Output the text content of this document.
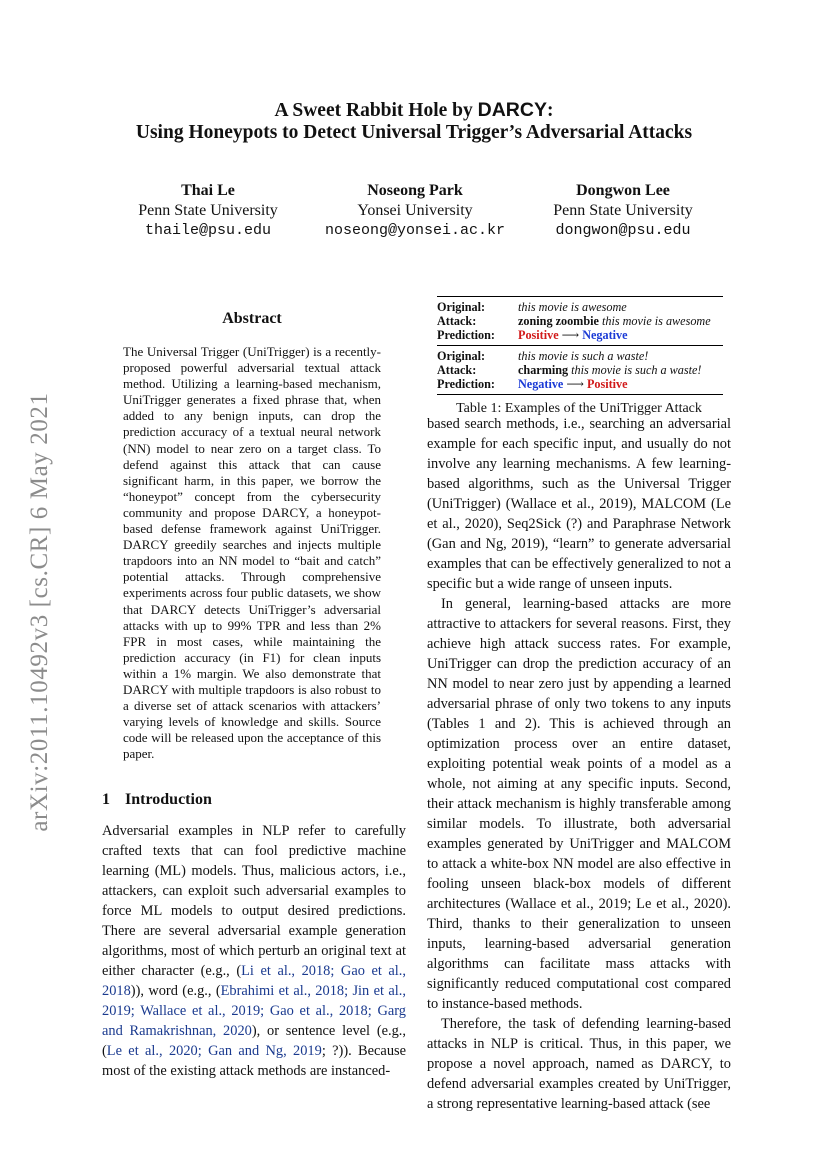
arXiv:2011.10492v3 [cs.CR] 6 May 2021
A Sweet Rabbit Hole by DARCY:
Using Honeypots to Detect Universal Trigger’s Adversarial Attacks
Thai Le
Penn State University
thaile@psu.edu
Noseong Park
Yonsei University
noseong@yonsei.ac.kr
Dongwon Lee
Penn State University
dongwon@psu.edu
Abstract
The Universal Trigger (UniTrigger) is a recently-proposed powerful adversarial textual attack method. Utilizing a learning-based mechanism, UniTrigger generates a fixed phrase that, when added to any benign inputs, can drop the prediction accuracy of a textual neural network (NN) model to near zero on a target class. To defend against this attack that can cause significant harm, in this paper, we borrow the “honeypot” concept from the cybersecurity community and propose DARCY, a honeypot-based defense framework against UniTrigger. DARCY greedily searches and injects multiple trapdoors into an NN model to “bait and catch” potential attacks. Through comprehensive experiments across four public datasets, we show that DARCY detects UniTrigger’s adversarial attacks with up to 99% TPR and less than 2% FPR in most cases, while maintaining the prediction accuracy (in F1) for clean inputs within a 1% margin. We also demonstrate that DARCY with multiple trapdoors is also robust to a diverse set of attack scenarios with attackers’ varying levels of knowledge and skills. Source code will be released upon the acceptance of this paper.
1 Introduction
Adversarial examples in NLP refer to carefully crafted texts that can fool predictive machine learning (ML) models. Thus, malicious actors, i.e., attackers, can exploit such adversarial examples to force ML models to output desired predictions. There are several adversarial example generation algorithms, most of which perturb an original text at either character (e.g., (Li et al., 2018; Gao et al., 2018)), word (e.g., (Ebrahimi et al., 2018; Jin et al., 2019; Wallace et al., 2019; Gao et al., 2018; Garg and Ramakrishnan, 2020), or sentence level (e.g., (Le et al., 2020; Gan and Ng, 2019; ?)). Because most of the existing attack methods are instanced-
Original:	this movie is awesome
Attack:	zoning zoombie this movie is awesome
Prediction:	Positive ⟶ Negative
Original:	this movie is such a waste!
Attack:	charming this movie is such a waste!
Prediction:	Negative ⟶ Positive
Table 1: Examples of the UniTrigger Attack

based search methods, i.e., searching an adversarial example for each specific input, and usually do not involve any learning mechanisms. A few learning-based algorithms, such as the Universal Trigger (UniTrigger) (Wallace et al., 2019), MALCOM (Le et al., 2020), Seq2Sick (?) and Paraphrase Network (Gan and Ng, 2019), “learn” to generate adversarial examples that can be effectively generalized to not a specific but a wide range of unseen inputs.

In general, learning-based attacks are more attractive to attackers for several reasons. First, they achieve high attack success rates. For example, UniTrigger can drop the prediction accuracy of an NN model to near zero just by appending a learned adversarial phrase of only two tokens to any inputs (Tables 1 and 2). This is achieved through an optimization process over an entire dataset, exploiting potential weak points of a model as a whole, not aiming at any specific inputs. Second, their attack mechanism is highly transferable among similar models. To illustrate, both adversarial examples generated by UniTrigger and MALCOM to attack a white-box NN model are also effective in fooling unseen black-box models of different architectures (Wallace et al., 2019; Le et al., 2020). Third, thanks to their generalization to unseen inputs, learning-based adversarial generation algorithms can facilitate mass attacks with significantly reduced computational cost compared to instance-based methods.

Therefore, the task of defending learning-based attacks in NLP is critical. Thus, in this paper, we propose a novel approach, named as DARCY, to defend adversarial examples created by UniTrigger, a strong representative learning-based attack (see
